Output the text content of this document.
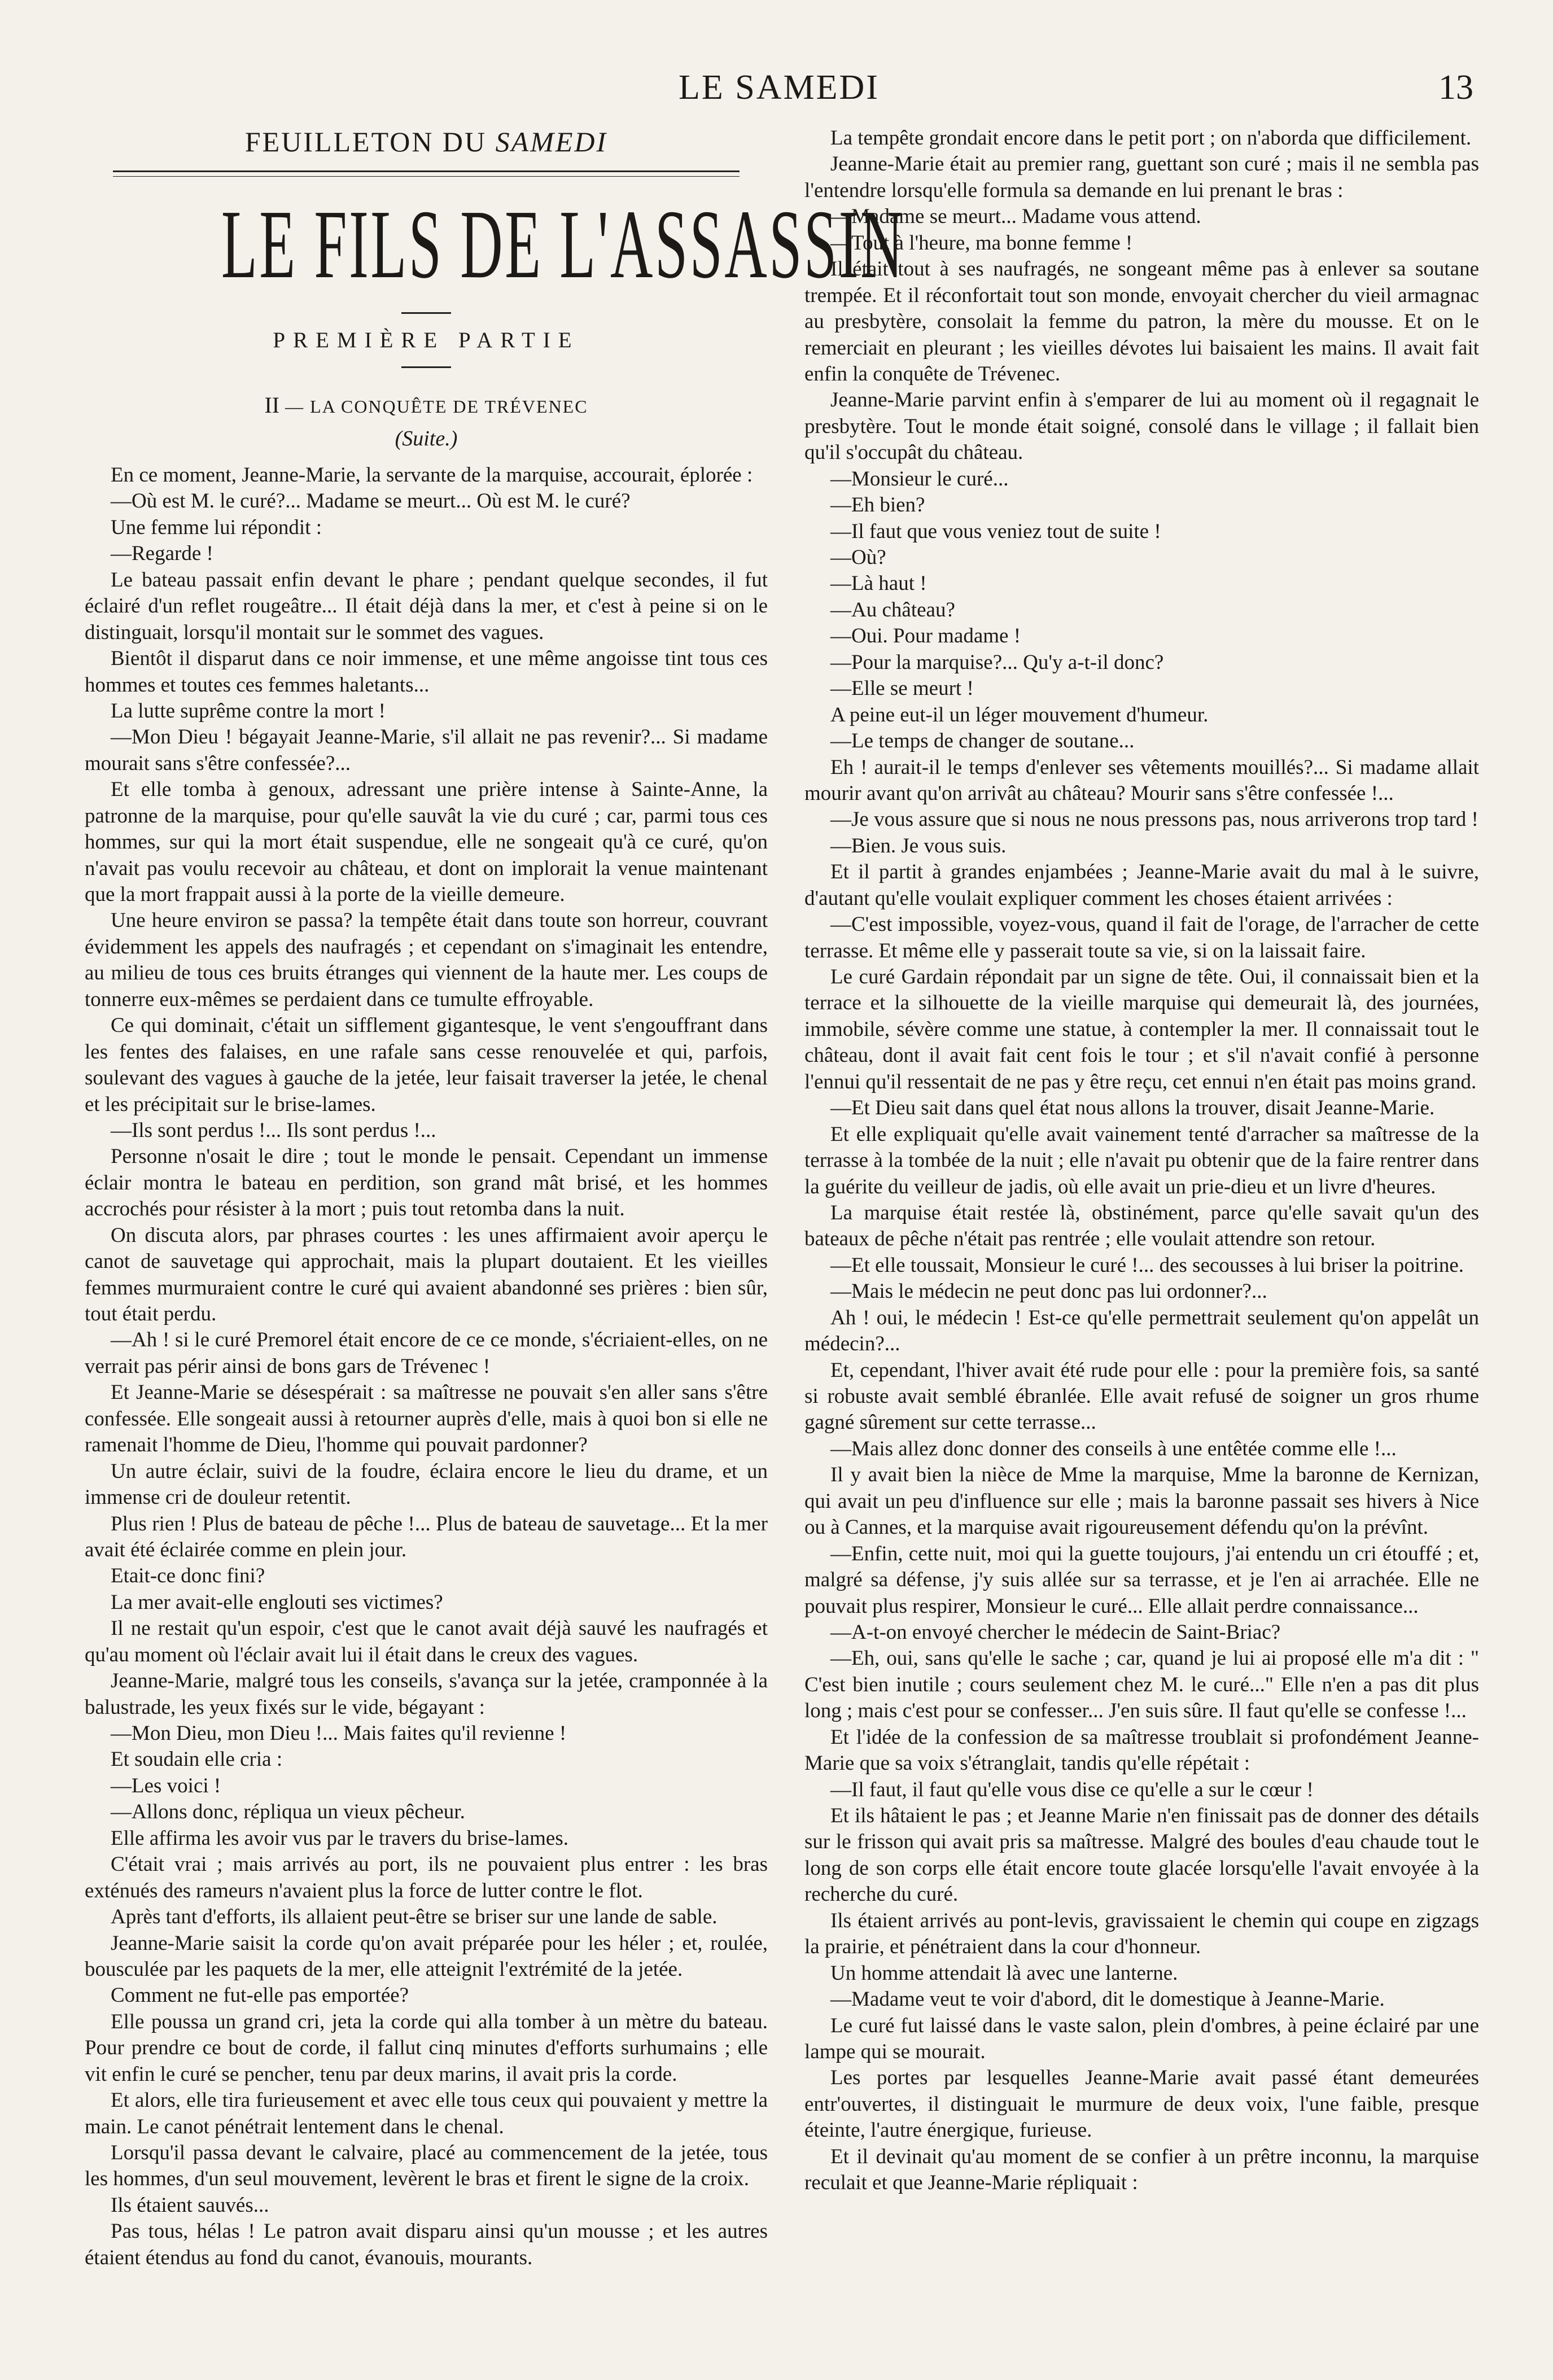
LE SAMEDI	13
FEUILLETON DU SAMEDI
LE FILS DE L'ASSASSIN
PREMIÈRE PARTIE
II — LA CONQUÊTE DE TRÉVENEC
(Suite.)

En ce moment, Jeanne-Marie, la servante de la marquise, accourait, éplorée :

—Où est M. le curé?... Madame se meurt... Où est M. le curé?

Une femme lui répondit :

—Regarde !

Le bateau passait enfin devant le phare ; pendant quelque secondes, il fut éclairé d'un reflet rougeâtre... Il était déjà dans la mer, et c'est à peine si on le distinguait, lorsqu'il montait sur le sommet des vagues.

Bientôt il disparut dans ce noir immense, et une même angoisse tint tous ces hommes et toutes ces femmes haletants...

La lutte suprême contre la mort !

—Mon Dieu ! bégayait Jeanne-Marie, s'il allait ne pas revenir?... Si madame mourait sans s'être confessée?...

Et elle tomba à genoux, adressant une prière intense à Sainte-Anne, la patronne de la marquise, pour qu'elle sauvât la vie du curé ; car, parmi tous ces hommes, sur qui la mort était suspendue, elle ne songeait qu'à ce curé, qu'on n'avait pas voulu recevoir au château, et dont on implorait la venue maintenant que la mort frappait aussi à la porte de la vieille demeure.

Une heure environ se passa? la tempête était dans toute son horreur, couvrant évidemment les appels des naufragés ; et cependant on s'imaginait les entendre, au milieu de tous ces bruits étranges qui viennent de la haute mer. Les coups de tonnerre eux-mêmes se perdaient dans ce tumulte effroyable.

Ce qui dominait, c'était un sifflement gigantesque, le vent s'engouffrant dans les fentes des falaises, en une rafale sans cesse renouvelée et qui, parfois, soulevant des vagues à gauche de la jetée, leur faisait traverser la jetée, le chenal et les précipitait sur le brise-lames.

—Ils sont perdus !... Ils sont perdus !...

Personne n'osait le dire ; tout le monde le pensait. Cependant un immense éclair montra le bateau en perdition, son grand mât brisé, et les hommes accrochés pour résister à la mort ; puis tout retomba dans la nuit.

On discuta alors, par phrases courtes : les unes affirmaient avoir aperçu le canot de sauvetage qui approchait, mais la plupart doutaient. Et les vieilles femmes murmuraient contre le curé qui avaient abandonné ses prières : bien sûr, tout était perdu.

—Ah ! si le curé Premorel était encore de ce ce monde, s'écriaient-elles, on ne verrait pas périr ainsi de bons gars de Trévenec !

Et Jeanne-Marie se désespérait : sa maîtresse ne pouvait s'en aller sans s'être confessée. Elle songeait aussi à retourner auprès d'elle, mais à quoi bon si elle ne ramenait l'homme de Dieu, l'homme qui pouvait pardonner?

Un autre éclair, suivi de la foudre, éclaira encore le lieu du drame, et un immense cri de douleur retentit.

Plus rien ! Plus de bateau de pêche !... Plus de bateau de sauvetage... Et la mer avait été éclairée comme en plein jour.

Etait-ce donc fini?

La mer avait-elle englouti ses victimes?

Il ne restait qu'un espoir, c'est que le canot avait déjà sauvé les naufragés et qu'au moment où l'éclair avait lui il était dans le creux des vagues.

Jeanne-Marie, malgré tous les conseils, s'avança sur la jetée, cramponnée à la balustrade, les yeux fixés sur le vide, bégayant :

—Mon Dieu, mon Dieu !... Mais faites qu'il revienne !

Et soudain elle cria :

—Les voici !

—Allons donc, répliqua un vieux pêcheur.

Elle affirma les avoir vus par le travers du brise-lames.

C'était vrai ; mais arrivés au port, ils ne pouvaient plus entrer : les bras exténués des rameurs n'avaient plus la force de lutter contre le flot.

Après tant d'efforts, ils allaient peut-être se briser sur une lande de sable.

Jeanne-Marie saisit la corde qu'on avait préparée pour les héler ; et, roulée, bousculée par les paquets de la mer, elle atteignit l'extrémité de la jetée.

Comment ne fut-elle pas emportée?

Elle poussa un grand cri, jeta la corde qui alla tomber à un mètre du bateau. Pour prendre ce bout de corde, il fallut cinq minutes d'efforts surhumains ; elle vit enfin le curé se pencher, tenu par deux marins, il avait pris la corde.

Et alors, elle tira furieusement et avec elle tous ceux qui pouvaient y mettre la main. Le canot pénétrait lentement dans le chenal.

Lorsqu'il passa devant le calvaire, placé au commencement de la jetée, tous les hommes, d'un seul mouvement, levèrent le bras et firent le signe de la croix.

Ils étaient sauvés...

Pas tous, hélas ! Le patron avait disparu ainsi qu'un mousse ; et les autres étaient étendus au fond du canot, évanouis, mourants.

La tempête grondait encore dans le petit port ; on n'aborda que difficilement.

Jeanne-Marie était au premier rang, guettant son curé ; mais il ne sembla pas l'entendre lorsqu'elle formula sa demande en lui prenant le bras :

—Madame se meurt... Madame vous attend.

—Tout à l'heure, ma bonne femme !

Il était tout à ses naufragés, ne songeant même pas à enlever sa soutane trempée. Et il réconfortait tout son monde, envoyait chercher du vieil armagnac au presbytère, consolait la femme du patron, la mère du mousse. Et on le remerciait en pleurant ; les vieilles dévotes lui baisaient les mains. Il avait fait enfin la conquête de Trévenec.

Jeanne-Marie parvint enfin à s'emparer de lui au moment où il regagnait le presbytère. Tout le monde était soigné, consolé dans le village ; il fallait bien qu'il s'occupât du château.

—Monsieur le curé...

—Eh bien?

—Il faut que vous veniez tout de suite !

—Où?

—Là haut !

—Au château?

—Oui. Pour madame !

—Pour la marquise?... Qu'y a-t-il donc?

—Elle se meurt !

A peine eut-il un léger mouvement d'humeur.

—Le temps de changer de soutane...

Eh ! aurait-il le temps d'enlever ses vêtements mouillés?... Si madame allait mourir avant qu'on arrivât au château? Mourir sans s'être confessée !...

—Je vous assure que si nous ne nous pressons pas, nous arriverons trop tard !

—Bien. Je vous suis.

Et il partit à grandes enjambées ; Jeanne-Marie avait du mal à le suivre, d'autant qu'elle voulait expliquer comment les choses étaient arrivées :

—C'est impossible, voyez-vous, quand il fait de l'orage, de l'arracher de cette terrasse. Et même elle y passerait toute sa vie, si on la laissait faire.

Le curé Gardain répondait par un signe de tête. Oui, il connaissait bien et la terrace et la silhouette de la vieille marquise qui demeurait là, des journées, immobile, sévère comme une statue, à contempler la mer. Il connaissait tout le château, dont il avait fait cent fois le tour ; et s'il n'avait confié à personne l'ennui qu'il ressentait de ne pas y être reçu, cet ennui n'en était pas moins grand.

—Et Dieu sait dans quel état nous allons la trouver, disait Jeanne-Marie.

Et elle expliquait qu'elle avait vainement tenté d'arracher sa maîtresse de la terrasse à la tombée de la nuit ; elle n'avait pu obtenir que de la faire rentrer dans la guérite du veilleur de jadis, où elle avait un prie-dieu et un livre d'heures.

La marquise était restée là, obstinément, parce qu'elle savait qu'un des bateaux de pêche n'était pas rentrée ; elle voulait attendre son retour.

—Et elle toussait, Monsieur le curé !... des secousses à lui briser la poitrine.

—Mais le médecin ne peut donc pas lui ordonner?...

Ah ! oui, le médecin ! Est-ce qu'elle permettrait seulement qu'on appelât un médecin?...

Et, cependant, l'hiver avait été rude pour elle : pour la première fois, sa santé si robuste avait semblé ébranlée. Elle avait refusé de soigner un gros rhume gagné sûrement sur cette terrasse...

—Mais allez donc donner des conseils à une entêtée comme elle !...

Il y avait bien la nièce de Mme la marquise, Mme la baronne de Kernizan, qui avait un peu d'influence sur elle ; mais la baronne passait ses hivers à Nice ou à Cannes, et la marquise avait rigoureusement défendu qu'on la prévînt.

—Enfin, cette nuit, moi qui la guette toujours, j'ai entendu un cri étouffé ; et, malgré sa défense, j'y suis allée sur sa terrasse, et je l'en ai arrachée. Elle ne pouvait plus respirer, Monsieur le curé... Elle allait perdre connaissance...

—A-t-on envoyé chercher le médecin de Saint-Briac?

—Eh, oui, sans qu'elle le sache ; car, quand je lui ai proposé elle m'a dit : " C'est bien inutile ; cours seulement chez M. le curé..." Elle n'en a pas dit plus long ; mais c'est pour se confesser... J'en suis sûre. Il faut qu'elle se confesse !...

Et l'idée de la confession de sa maîtresse troublait si profondément Jeanne-Marie que sa voix s'étranglait, tandis qu'elle répétait :

—Il faut, il faut qu'elle vous dise ce qu'elle a sur le cœur !

Et ils hâtaient le pas ; et Jeanne Marie n'en finissait pas de donner des détails sur le frisson qui avait pris sa maîtresse. Malgré des boules d'eau chaude tout le long de son corps elle était encore toute glacée lorsqu'elle l'avait envoyée à la recherche du curé.

Ils étaient arrivés au pont-levis, gravissaient le chemin qui coupe en zigzags la prairie, et pénétraient dans la cour d'honneur.

Un homme attendait là avec une lanterne.

—Madame veut te voir d'abord, dit le domestique à Jeanne-Marie.

Le curé fut laissé dans le vaste salon, plein d'ombres, à peine éclairé par une lampe qui se mourait.

Les portes par lesquelles Jeanne-Marie avait passé étant demeurées entr'ouvertes, il distinguait le murmure de deux voix, l'une faible, presque éteinte, l'autre énergique, furieuse.

Et il devinait qu'au moment de se confier à un prêtre inconnu, la marquise reculait et que Jeanne-Marie répliquait :
